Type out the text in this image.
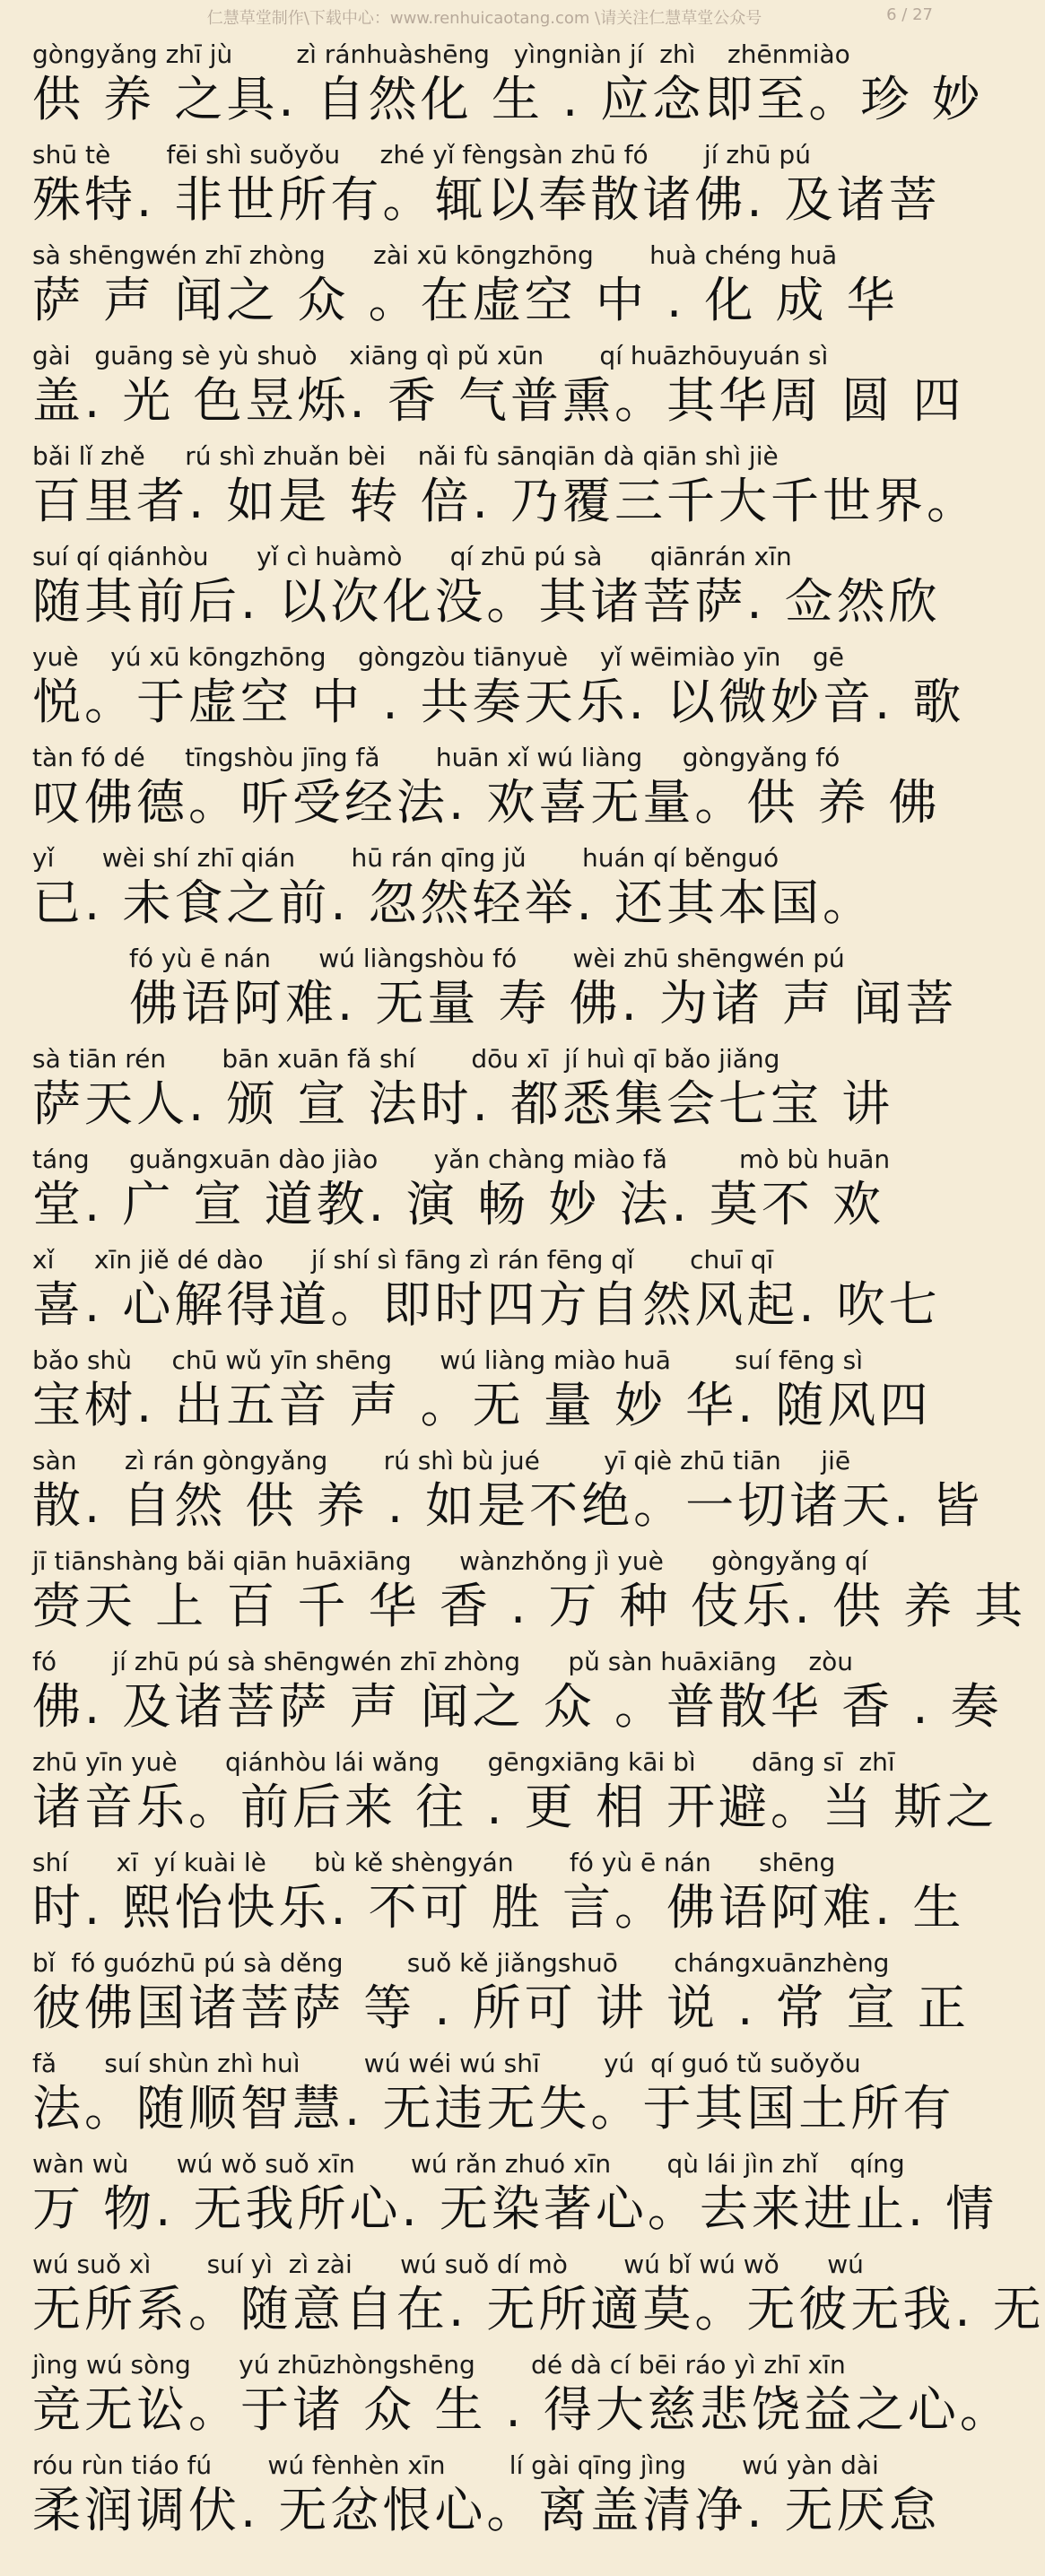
仁慧草堂制作\下载中心：www.renhuicaotang.com \请关注仁慧草堂公众号	6 / 27
gòngyǎng zhī jù        zì ránhuàshēng   yìngniàn jí  zhì    zhēnmiào
供 养 之具. 自然化 生 . 应念即至。珍 妙
shū tè       fēi shì suǒyǒu     zhé yǐ fèngsàn zhū fó       jí zhū pú
殊特. 非世所有。辄以奉散诸佛. 及诸菩
sà shēngwén zhī zhòng      zài xū kōngzhōng       huà chéng huā
萨 声 闻之 众 。在虚空 中 . 化 成 华
gài   guāng sè yù shuò    xiāng qì pǔ xūn       qí huāzhōuyuán sì
盖. 光 色昱烁. 香 气普熏。其华周 圆 四
bǎi lǐ zhě     rú shì zhuǎn bèi    nǎi fù sānqiān dà qiān shì jiè
百里者. 如是 转 倍. 乃覆三千大千世界。
suí qí qiánhòu      yǐ cì huàmò      qí zhū pú sà      qiānrán xīn
随其前后. 以次化没。其诸菩萨. 佥然欣
yuè    yú xū kōngzhōng    gòngzòu tiānyuè    yǐ wēimiào yīn    gē
悦。于虚空 中 . 共奏天乐. 以微妙音. 歌
tàn fó dé     tīngshòu jīng fǎ       huān xǐ wú liàng     gòngyǎng fó
叹佛德。听受经法. 欢喜无量。供 养 佛
yǐ      wèi shí zhī qián       hū rán qīng jǔ       huán qí běnguó
已. 未食之前. 忽然轻举. 还其本国。
fó yù ē nán      wú liàngshòu fó       wèi zhū shēngwén pú
佛语阿难. 无量 寿 佛. 为诸 声 闻菩
sà tiān rén       bān xuān fǎ shí       dōu xī  jí huì qī bǎo jiǎng
萨天人. 颁 宣 法时. 都悉集会七宝 讲
táng     guǎngxuān dào jiào       yǎn chàng miào fǎ         mò bù huān
堂. 广 宣 道教. 演 畅 妙 法. 莫不 欢
xǐ     xīn jiě dé dào      jí shí sì fāng zì rán fēng qǐ       chuī qī
喜. 心解得道。即时四方自然风起. 吹七
bǎo shù     chū wǔ yīn shēng      wú liàng miào huā        suí fēng sì
宝树. 出五音 声 。无 量 妙 华. 随风四
sàn      zì rán gòngyǎng       rú shì bù jué        yī qiè zhū tiān     jiē
散. 自然 供 养 . 如是不绝。一切诸天. 皆
jī tiānshàng bǎi qiān huāxiāng      wànzhǒng jì yuè      gòngyǎng qí
赍天 上 百 千 华 香 . 万 种 伎乐. 供 养 其
fó       jí zhū pú sà shēngwén zhī zhòng      pǔ sàn huāxiāng    zòu
佛. 及诸菩萨 声 闻之 众 。普散华 香 . 奏
zhū yīn yuè      qiánhòu lái wǎng      gēngxiāng kāi bì       dāng sī  zhī
诸音乐。前后来 往 . 更 相 开避。当 斯之
shí      xī  yí kuài lè      bù kě shèngyán       fó yù ē nán      shēng
时. 熙怡快乐. 不可 胜 言。佛语阿难. 生
bǐ  fó guózhū pú sà děng        suǒ kě jiǎngshuō       chángxuānzhèng
彼佛国诸菩萨 等 . 所可 讲 说 . 常 宣 正
fǎ      suí shùn zhì huì        wú wéi wú shī        yú  qí guó tǔ suǒyǒu
法。随顺智慧. 无违无失。于其国土所有
wàn wù      wú wǒ suǒ xīn       wú rǎn zhuó xīn       qù lái jìn zhǐ    qíng
万 物. 无我所心. 无染著心。去来进止. 情
wú suǒ xì       suí yì  zì zài      wú suǒ dí mò       wú bǐ wú wǒ      wú
无所系。随意自在. 无所適莫。无彼无我. 无
jìng wú sòng      yú zhūzhòngshēng       dé dà cí bēi ráo yì zhī xīn
竞无讼。于诸 众 生 . 得大慈悲饶益之心。
róu rùn tiáo fú       wú fènhèn xīn        lí gài qīng jìng       wú yàn dài
柔润调伏. 无忿恨心。离盖清净. 无厌怠
